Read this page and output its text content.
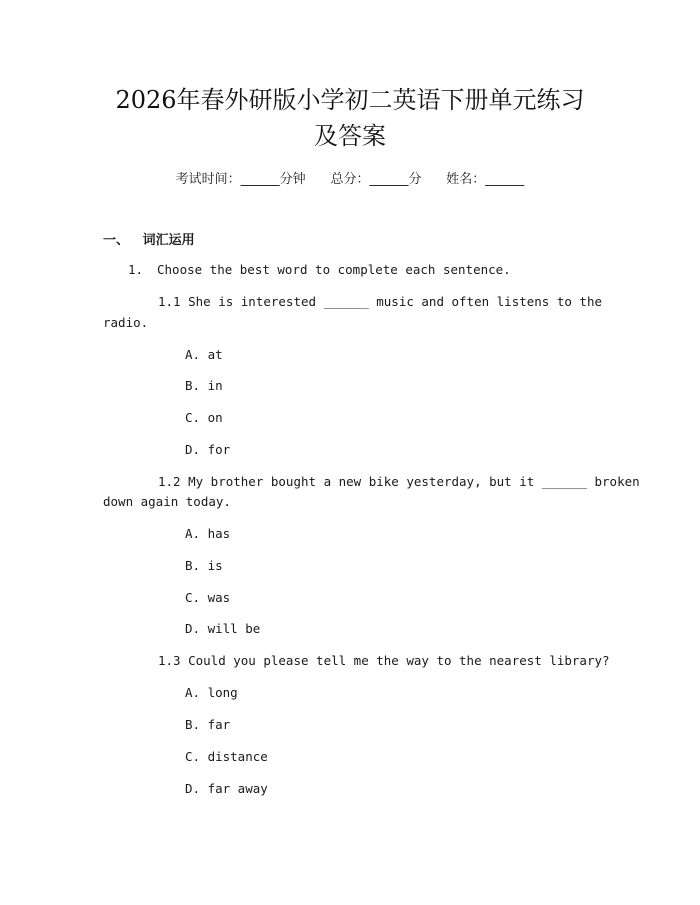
2026年春外研版小学初二英语下册单元练习
及答案
考试时间：______分钟 总分：______分 姓名：______
一、 词汇运用
1. Choose the best word to complete each sentence.
1.1 She is interested ______ music and often listens to the
radio.
A. at
B. in
C. on
D. for
1.2 My brother bought a new bike yesterday, but it ______ broken
down again today.
A. has
B. is
C. was
D. will be
1.3 Could you please tell me the way to the nearest library?
A. long
B. far
C. distance
D. far away
